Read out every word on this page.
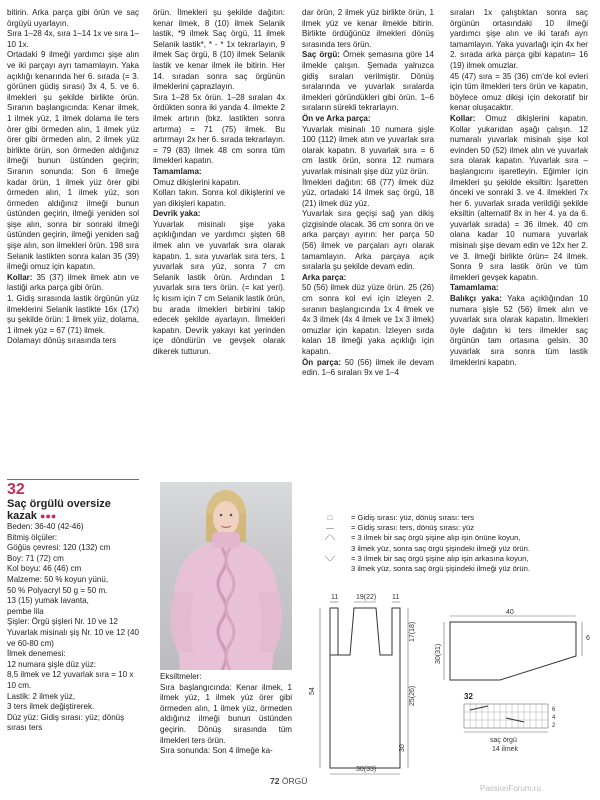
bitirin. Arka parça gibi örün ve saç örgüyü uyarlayın.

Sıra 1–28 4x, sıra 1–14 1x ve sıra 1–10 1x.

Ortadaki 9 ilmeği yardımcı şişe alın ve iki parçayı ayrı tamamlayın. Yaka açıklığı kenarında her 6. sırada (= 3. görünen güdiş sırası) 3x 4, 5. ve 6. ilmekleri şu şekilde birlikte örün. Sıranın başlangıcında: Kenar ilmek, 1 ilmek yüz, 1 ilmek dolama ile ters örer gibi örmeden alın, 1 ilmek yüz örer gibi örmeden alın, 2 ilmek yüz birlikte örün, son örmeden aldığınız ilmeği bunun üstünden geçirin; Sıranın sonunda: Son 6 ilmeğe kadar örün, 1 ilmek yüz örer gibi örmeden alın, 1 ilmek yüz, son örmeden aldığınız ilmeği bunun üstünden geçirin, ilmeği yeniden sol şişe alın, sonra bir sonraki ilmeği üstünden geçirin, ilmeği yeniden sağ şişe alın, son ilmekleri örün. 198 sıra Selanik lastikten sonra kalan 35 (39) ilmeği omuz için kapatın.

Kollar: 35 (37) ilmek ilmek atın ve lastiği arka parça gibi örün.

1. Gidiş sırasında lastik örgünün yüz ilmeklerini Selanik lastikte 16x (17x) şu şekilde örün: 1 ilmek yüz, dolama, 1 ilmek yüz = 67 (71) ilmek.

Dolamayı dönüş sırasında ters

örün. İlmekleri şu şekilde dağıtın: kenar ilmek, 8 (10) ilmek Selanik lastik, *9 ilmek Saç örgü, 11 ilmek Selanik lastik*, * - * 1x tekrarlayın, 9 ilmek Saç örgü, 8 (10) ilmek Selanik lastik ve kenar ilmek ile bitirin. Her 14. sıradan sonra saç örgünün ilmeklerini çaprazlayın.

Sıra 1–28 5x örün. 1–28 sıraları 4x ördükten sonra iki yanda 4. ilmekte 2 ilmek artırın (bkz. lastikten sonra artırma) = 71 (75) ilmek. Bu artırmayı 2x her 6. sırada tekrarlayın. = 79 (83) ilmek 48 cm sonra tüm ilmekleri kapatın.

Tamamlama:

Omuz dikişlerini kapatın.

Kolları takın. Sonra kol dikişlerini ve yan dikişleri kapatın.

Devrik yaka:

Yuvarlak misinalı şişe yaka açıklığından ve yardımcı şişten 68 ilmek alın ve yuvarlak sıra olarak kapatın. 1. sıra yuvarlak sıra ters, 1 yuvarlak sıra yüz, sonra 7 cm Selanik lastik örün. Ardından 1 yuvarlak sıra ters örün. (= kat yeri). İç kısım için 7 cm Selanik lastik örün, bu arada ilmekleri birbirini takip edecek şekilde ayarlayın. İlmekleri kapatın. Devrik yakayı kat yerinden içe döndürün ve gevşek olarak dikerek tutturun.

dar örün, 2 ilmek yüz birlikte örün, 1 ilmek yüz ve kenar ilmekle bitirin. Birlikte ördüğünüz ilmekleri dönüş sırasında ters örün.

Saç örgü: Örnek şemasına göre 14 ilmekle çalışın. Şemada yalnızca gidiş sıraları verilmiştir. Dönüş sıralarında ve yuvarlak sıralarda ilmekleri göründükleri gibi örün. 1–6 sıraların sürekli tekrarlayın.

Ön ve Arka parça:

Yuvarlak misinalı 10 numara şişle 100 (112) ilmek atın ve yuvarlak sıra olarak kapatın. 8 yuvarlak sıra = 6 cm lastik örün, sonra 12 numara yuvarlak misinalı şişe düz yüz örün.

İlmekleri dağıtın: 68 (77) ilmek düz yüz, ortadaki 14 ilmek saç örgü, 18 (21) ilmek düz yüz.

Yuvarlak sıra geçişi sağ yan dikiş çizgisinde olacak. 36 cm sonra ön ve arka parçayı ayırın: her parça 50 (56) ilmek ve parçaları ayrı olarak tamamlayın. Arka parçaya açık sıralarla şu şekilde devam edin.

Arka parça:

50 (56) ilmek düz yüze örün. 25 (26) cm sonra kol evi için izleyen 2. sıranın başlangıcında 1x 4 ilmek ve 4x 3 ilmek (4x 4 ilmek ve 1x 3 ilmek) omuzlar için kapatın. İzleyen sırda kalan 18 ilmeği yaka açıklığı için kapatın.

Ön parça: 50 (56) ilmek ile devam edin. 1–6 sıraları 9x ve 1–4

sıraları 1x çalıştıktan sonra saç örgünün ortasındaki 10 ilmeği yardımcı şişe alın ve iki tarafı ayrı tamamlayın. Yaka yuvarlağı için 4x her 2. sırada arka parça gibi kapatın= 16 (19) ilmek omuzlar.

45 (47) sıra = 35 (36) cm’de kol evleri için tüm ilmekleri ters örün ve kapatın, böylece omuz dikişi için dekoratif bir kenar oluşacaktır.

Kollar: Omuz dikişlerini kapatın. Kollar yukarıdan aşağı çalışın. 12 numaralı yuvarlak misinalı şişe kol evinden 50 (52) ilmek alın ve yuvarlak sıra olarak kapatın. Yuvarlak sıra – başlangıcını işaretleyin. Eğimler için ilmekleri şu şekilde eksiltin: İşaretten önceki ve sonraki 3. ve 4. ilmekleri 7x her 6. yuvarlak sırada verildiği şekilde eksiltin (alternatif 8x in her 4. ya da 6. yuvarlak sırada) = 36 ilmek. 40 cm olana kadar 10 numara yuvarlak misinalı şişe devam edin ve 12x her 2. ve 3. ilmeği birlikte örün= 24 ilmek. Sonra 9 sıra lastik örün ve tüm ilmekleri gevşek kapatın.

Tamamlama:

Balıkçı yaka: Yaka açıklığından 10 numara şişle 52 (56) ilmek alın ve yuvarlak sıra olarak kapatın. İlmekleri öyle dağıtın ki ters ilmekler saç örgünün tam ortasına gelsin. 30 yuvarlak sıra sonra tüm lastik ilmeklerini kapatın.

32
Saç örgülü oversize kazak ●●●

Beden: 36-40 (42-46)

Bitmiş ölçüler:

Göğüs çevresi: 120 (132) cm

Boy: 71 (72) cm

Kol boyu: 46 (46) cm

Malzeme: 50 % koyun yünü,

50 % Polyacryl 50 g = 50 m.

13 (15) yumak lavanta,

pembe lila

Şişler: Örgü şişleri Nr. 10 ve 12

Yuvarlak misinalı şiş Nr. 10 ve 12 (40 ve 60-80 cm)

İlmek denemesi:

12 numara şişle düz yüz:

8,5 ilmek ve 12 yuvarlak sıra = 10 x 10 cm.

Lastik: 2 ilmek yüz,

3 ters ilmek değiştirerek.

Düz yüz: Gidiş sırası: yüz; dönüş sırası ters

Eksiltmeler:

Sıra başlangıcında: Kenar ilmek, 1 ilmek yüz, 1 ilmek yüz örer gibi örmeden alın, 1 ilmek yüz, örmeden aldığınız ilmeği bunun üstünden geçirin. Dönüş sırasında tüm ilmekleri ters örün.

Sıra sonunda: Son 4 ilmeğe ka-

□	= Gidiş sırası: yüz, dönüş sırası: ters
—	= Gidiş sırası: ters, dönüş sırası: yüz
⟋⟍	= 3 ilmek bir saç örgü şişine alıp işin önüne koyun,
3 ilmek yüz, sonra saç örgü şişindeki ilmeği yüz örün.
⟍⟋	= 3 ilmek bir saç örgü şişine alıp işin arkasına koyun,
3 ilmek yüz, sonra saç örgü şişindeki ilmeği yüz örün.
11	19(22) 11
54
17(18)
25(26)
30
30(33)
40
30(31)
6
32
6
4
2
saç örgü
14 ilmek
72 ÖRGÜ
PassionForum.ru
